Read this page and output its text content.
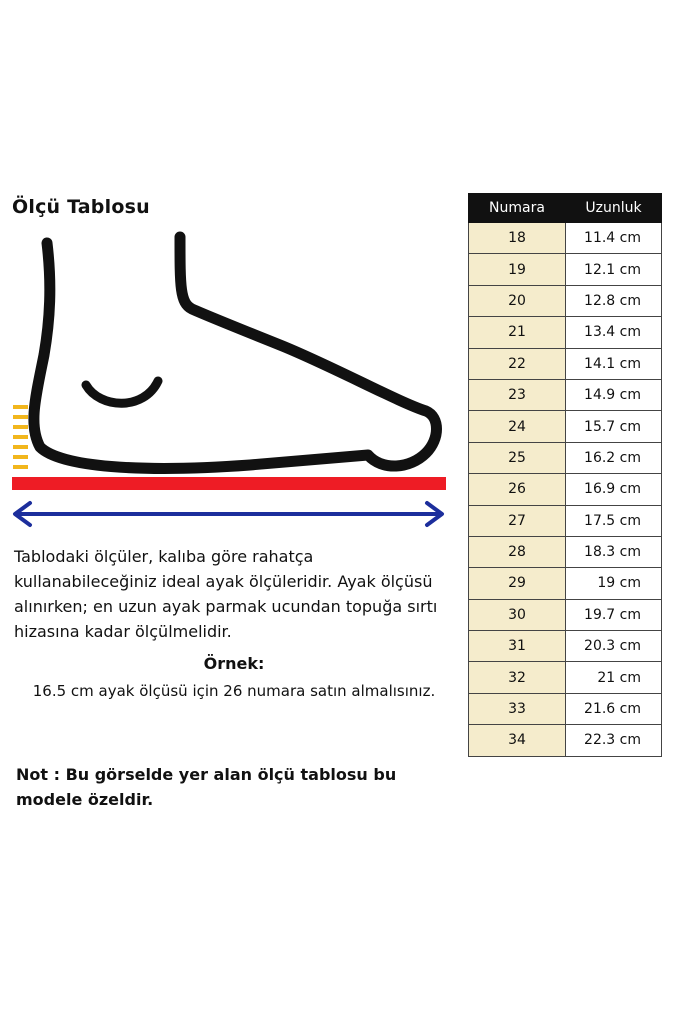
Ölçü Tablosu

Tablodaki ölçüler, kalıba göre rahatça kullanabileceğiniz ideal ayak ölçüleridir. Ayak ölçüsü alınırken; en uzun ayak parmak ucundan topuğa sırtı hizasına kadar ölçülmelidir.

Örnek:

16.5 cm ayak ölçüsü için 26 numara satın almalısınız.

Not : Bu görselde yer alan ölçü tablosu bu modele özeldir.

Numara	Uzunluk
18	11.4 cm
19	12.1 cm
20	12.8 cm
21	13.4 cm
22	14.1 cm
23	14.9 cm
24	15.7 cm
25	16.2 cm
26	16.9 cm
27	17.5 cm
28	18.3 cm
29	19 cm
30	19.7 cm
31	20.3 cm
32	21 cm
33	21.6 cm
34	22.3 cm
